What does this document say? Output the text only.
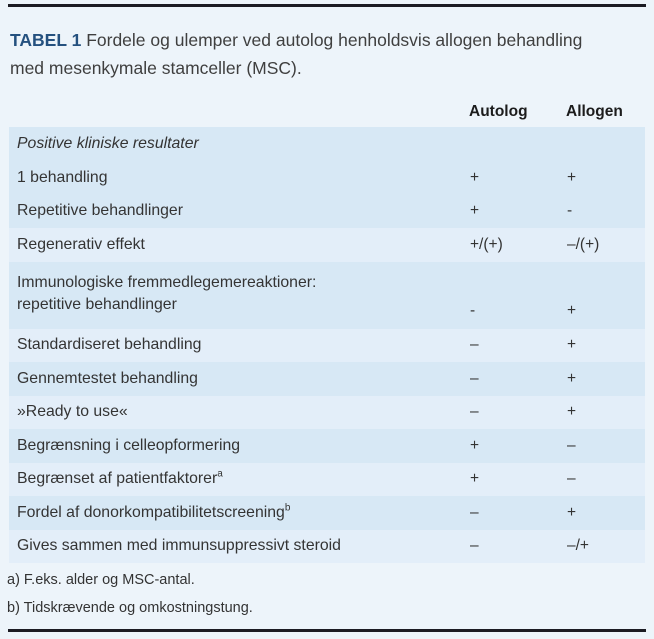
TABEL 1 Fordele og ulemper ved autolog henholdsvis allogen behandling med mesenkymale stamceller (MSC).

Autolog	Allogen
Positive kliniske resultater
1 behandling	+	+
Repetitive behandlinger	+	-
Regenerativ effekt	+/(+)	–/(+)
Immunologiske fremmedlegemereaktioner:
repetitive behandlinger	-	+
Standardiseret behandling	–	+
Gennemtestet behandling	–	+
»Ready to use«	–	+
Begrænsning i celleopformering	+	–
Begrænset af patientfaktorer$^a$	+	–
Fordel af donorkompatibilitetscreening$^b$	–	+
Gives sammen med immunsuppressivt steroid	–	–/+
a) F.eks. alder og MSC-antal.
b) Tidskrævende og omkostningstung.
